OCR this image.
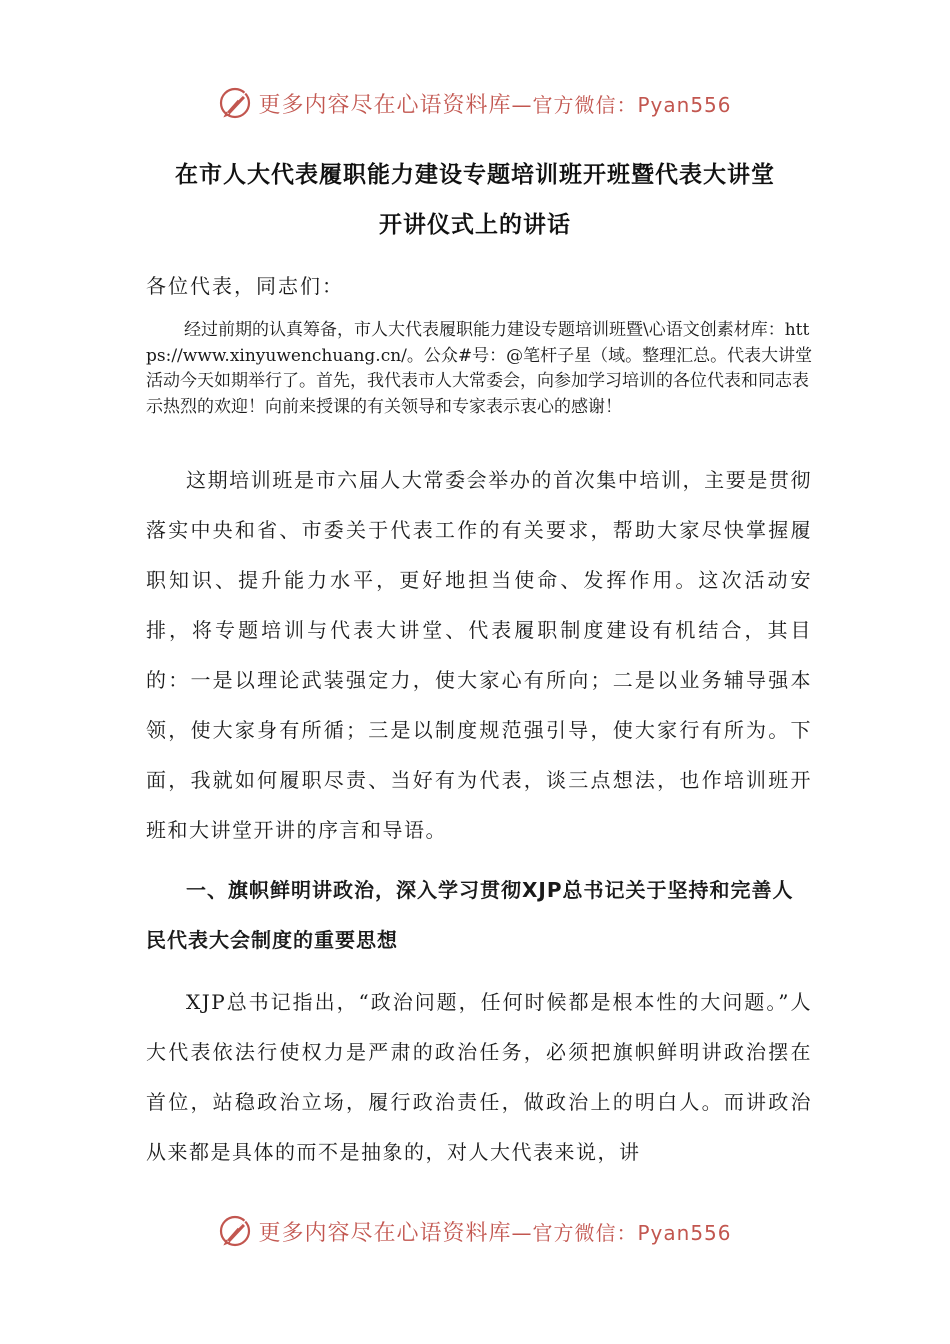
更多内容尽在心语资料库 —官方微信：Pyan556
在市人大代表履职能力建设专题培训班开班暨代表大讲堂
开讲仪式上的讲话
各位代表，同志们：

经过前期的认真筹备，市人大代表履职能力建设专题培训班暨\心语文创素材库：https://www.xinyuwenchuang.cn/。公众#号：@笔杆子星（域。整理汇总。代表大讲堂活动今天如期举行了。首先，我代表市人大常委会，向参加学习培训的各位代表和同志表示热烈的欢迎！向前来授课的有关领导和专家表示衷心的感谢！

这期培训班是市六届人大常委会举办的首次集中培训，主要是贯彻落实中央和省、市委关于代表工作的有关要求，帮助大家尽快掌握履职知识、提升能力水平，更好地担当使命、发挥作用。这次活动安排，将专题培训与代表大讲堂、代表履职制度建设有机结合，其目的：一是以理论武装强定力，使大家心有所向；二是以业务辅导强本领，使大家身有所循；三是以制度规范强引导，使大家行有所为。下面，我就如何履职尽责、当好有为代表，谈三点想法，也作培训班开班和大讲堂开讲的序言和导语。

一、旗帜鲜明讲政治，深入学习贯彻XJP总书记关于坚持和完善人民代表大会制度的重要思想

XJP总书记指出，“政治问题，任何时候都是根本性的大问题。”人大代表依法行使权力是严肃的政治任务，必须把旗帜鲜明讲政治摆在首位，站稳政治立场，履行政治责任，做政治上的明白人。而讲政治从来都是具体的而不是抽象的，对人大代表来说，讲

更多内容尽在心语资料库 —官方微信：Pyan556
